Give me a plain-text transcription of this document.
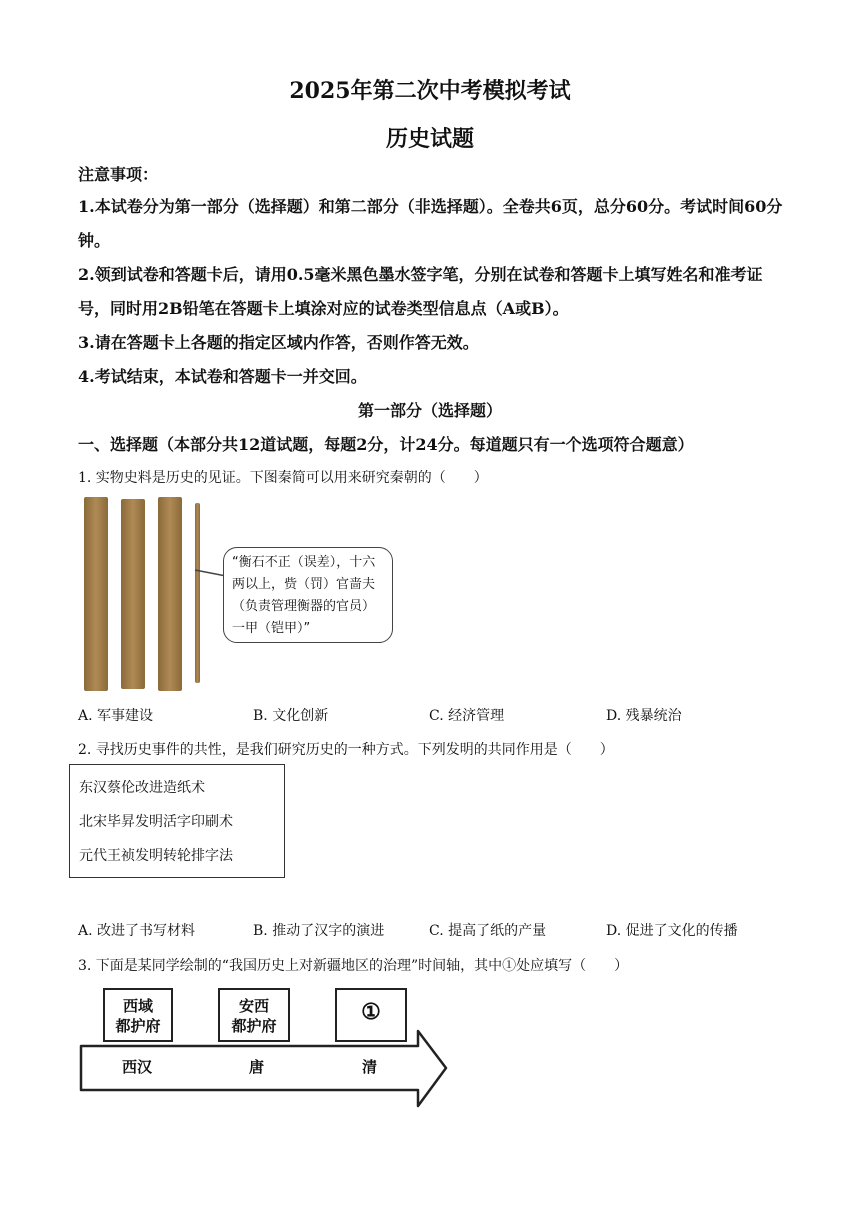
2025年第二次中考模拟考试
历史试题
注意事项：
1.本试卷分为第一部分（选择题）和第二部分（非选择题）。全卷共6页，总分60分。考试时间60分钟。
2.领到试卷和答题卡后，请用0.5毫米黑色墨水签字笔，分别在试卷和答题卡上填写姓名和准考证号，同时用2B铅笔在答题卡上填涂对应的试卷类型信息点（A或B）。
3.请在答题卡上各题的指定区域内作答，否则作答无效。
4.考试结束，本试卷和答题卡一并交回。
第一部分（选择题）
一、选择题（本部分共12道试题，每题2分，计24分。每道题只有一个选项符合题意）
1. 实物史料是历史的见证。下图秦简可以用来研究秦朝的（　　）
“衡石不正（误差），十六两以上，赀（罚）官啬夫（负责管理衡器的官员）一甲（铠甲）”
A. 军事建设	B. 文化创新	C. 经济管理	D. 残暴统治
2. 寻找历史事件的共性，是我们研究历史的一种方式。下列发明的共同作用是（　　）
东汉蔡伦改进造纸术
北宋毕昇发明活字印刷术
元代王祯发明转轮排字法
A. 改进了书写材料	B. 推动了汉字的演进	C. 提高了纸的产量	D. 促进了文化的传播
3. 下面是某同学绘制的“我国历史上对新疆地区的治理”时间轴，其中①处应填写（　　）
西域
都护府
安西
都护府
①
西汉	唐	清
